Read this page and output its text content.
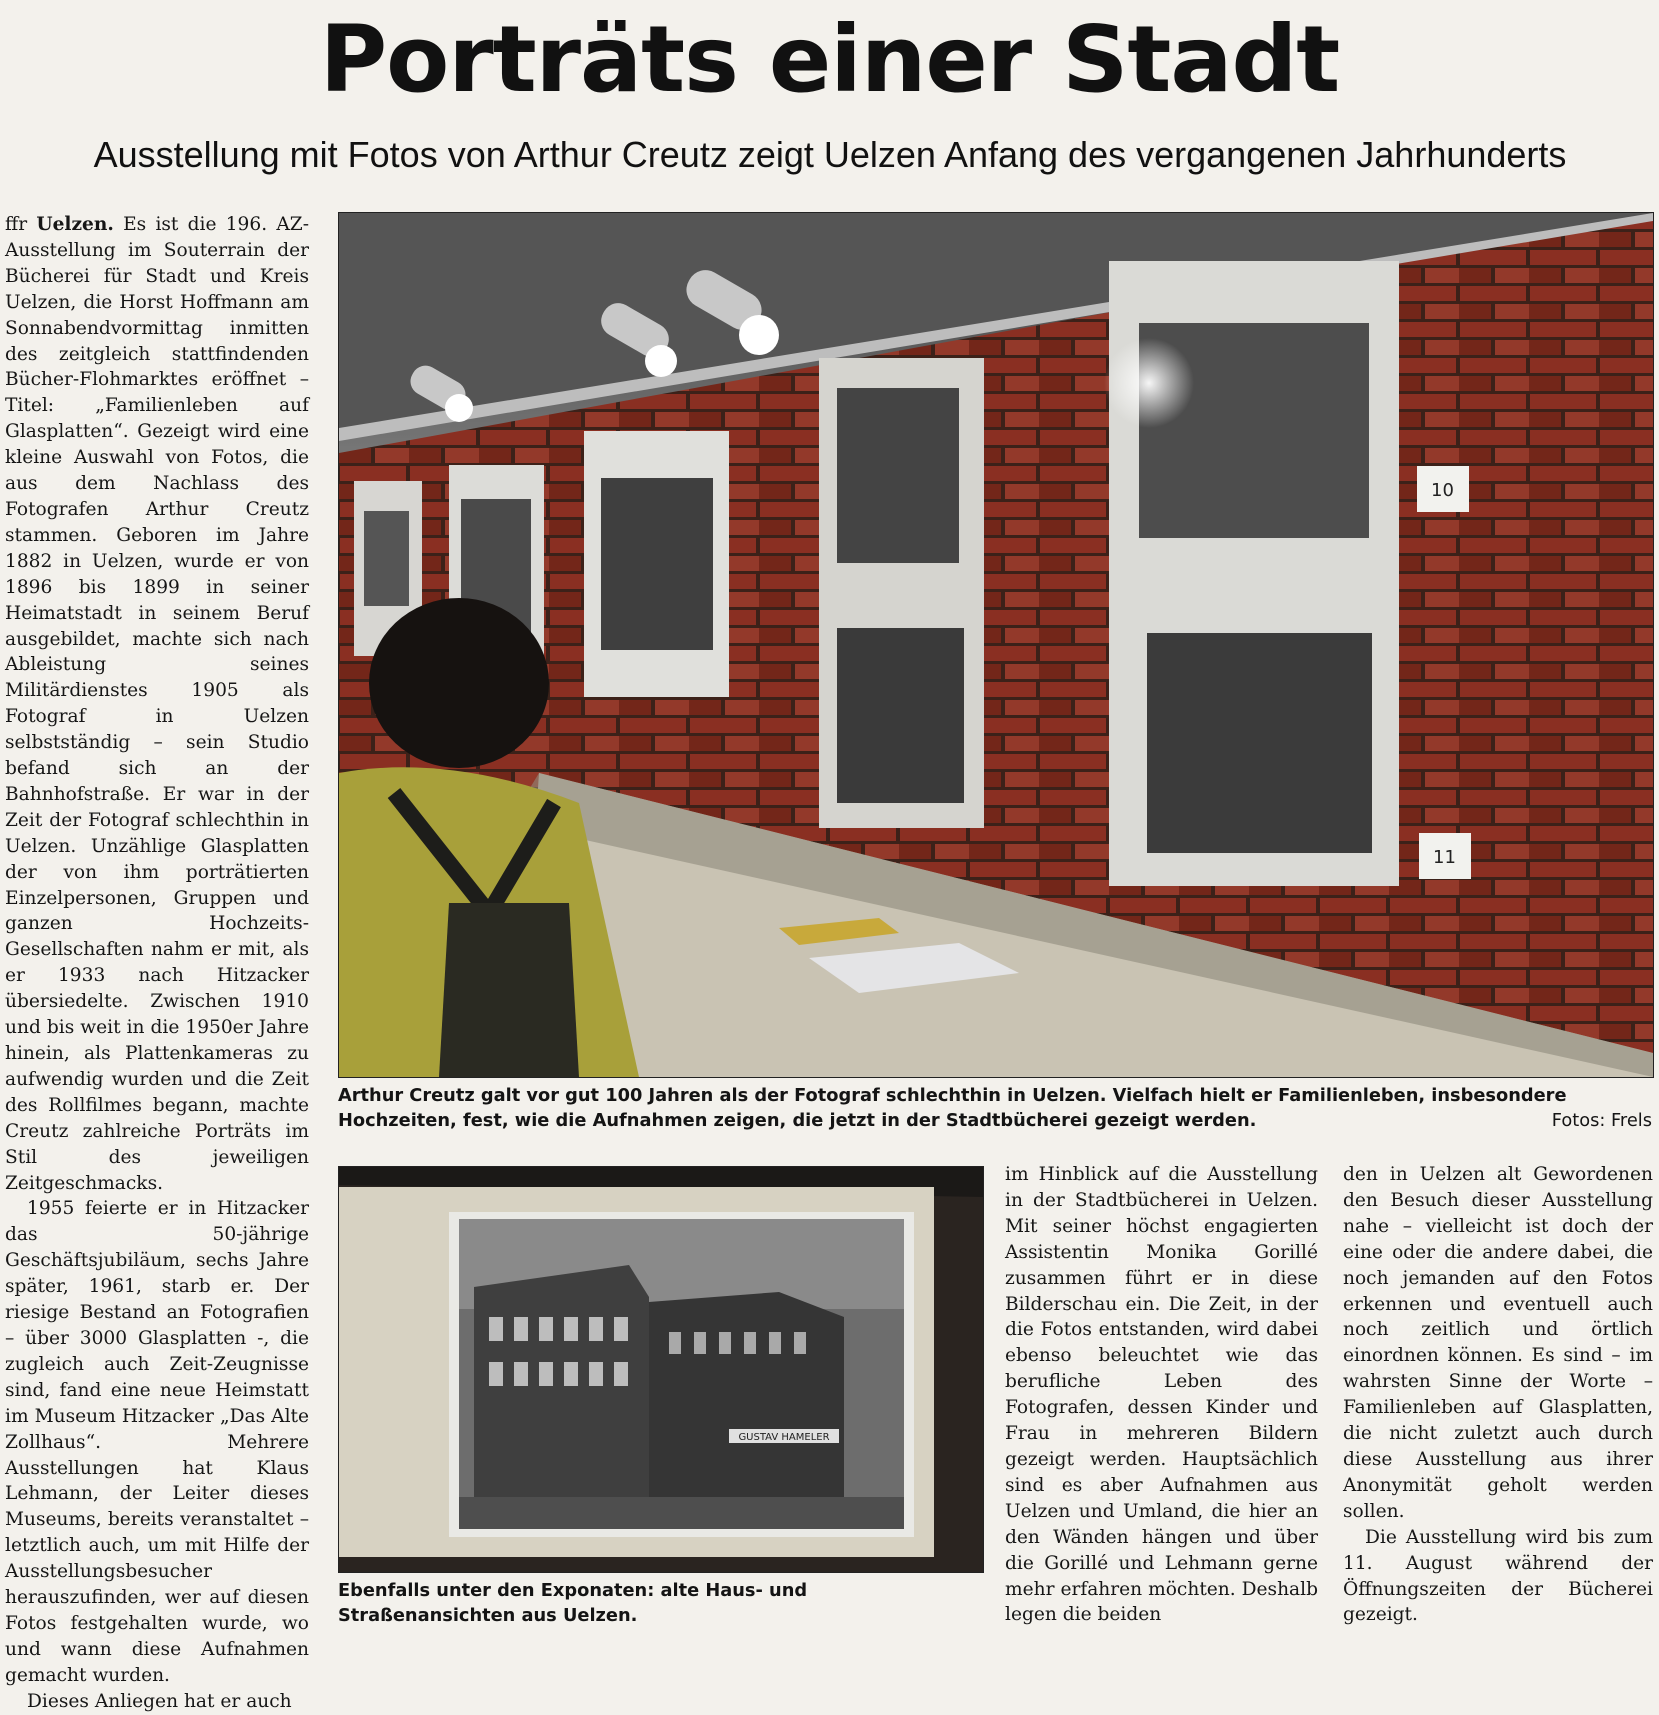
Porträts einer Stadt
Ausstellung mit Fotos von Arthur Creutz zeigt Uelzen Anfang des vergangenen Jahrhunderts

ffr Uelzen. Es ist die 196. AZ-Ausstellung im Souterrain der Bücherei für Stadt und Kreis Uelzen, die Horst Hoffmann am Sonnabendvormittag inmitten des zeitgleich stattfindenden Bücher-Flohmarktes eröffnet – Titel: „Familienleben auf Glasplatten“. Gezeigt wird eine kleine Auswahl von Fotos, die aus dem Nachlass des Fotografen Arthur Creutz stammen. Geboren im Jahre 1882 in Uelzen, wurde er von 1896 bis 1899 in seiner Heimatstadt in seinem Beruf ausgebildet, machte sich nach Ableistung seines Militärdienstes 1905 als Fotograf in Uelzen selbstständig – sein Studio befand sich an der Bahnhofstraße. Er war in der Zeit der Fotograf schlechthin in Uelzen. Unzählige Glasplatten der von ihm porträtierten Einzelpersonen, Gruppen und ganzen Hochzeits-Gesellschaften nahm er mit, als er 1933 nach Hitzacker übersiedelte. Zwischen 1910 und bis weit in die 1950er Jahre hinein, als Plattenkameras zu aufwendig wurden und die Zeit des Rollfilmes begann, machte Creutz zahlreiche Porträts im Stil des jeweiligen Zeitgeschmacks.

1955 feierte er in Hitzacker das 50-jährige Geschäftsjubiläum, sechs Jahre später, 1961, starb er. Der riesige Bestand an Fotografien – über 3000 Glasplatten -, die zugleich auch Zeit-Zeugnisse sind, fand eine neue Heimstatt im Museum Hitzacker „Das Alte Zollhaus“. Mehrere Ausstellungen hat Klaus Lehmann, der Leiter dieses Museums, bereits veranstaltet – letztlich auch, um mit Hilfe der Ausstellungsbesucher herauszufinden, wer auf diesen Fotos festgehalten wurde, wo und wann diese Aufnahmen gemacht wurden.

Dieses Anliegen hat er auch

10
11
Arthur Creutz galt vor gut 100 Jahren als der Fotograf schlechthin in Uelzen. Vielfach hielt er Familienleben, insbesondere Hochzeiten, fest, wie die Aufnahmen zeigen, die jetzt in der Stadtbücherei gezeigt werden.	Fotos: Frels
GUSTAV HAMELER
Ebenfalls unter den Exponaten: alte Haus- und Straßenansichten aus Uelzen.

im Hinblick auf die Ausstellung in der Stadtbücherei in Uelzen. Mit seiner höchst engagierten Assistentin Monika Gorillé zusammen führt er in diese Bilderschau ein. Die Zeit, in der die Fotos entstanden, wird dabei ebenso beleuchtet wie das berufliche Leben des Fotografen, dessen Kinder und Frau in mehreren Bildern gezeigt werden. Hauptsächlich sind es aber Aufnahmen aus Uelzen und Umland, die hier an den Wänden hängen und über die Gorillé und Lehmann gerne mehr erfahren möchten. Deshalb legen die beiden

den in Uelzen alt Gewordenen den Besuch dieser Ausstellung nahe – vielleicht ist doch der eine oder die andere dabei, die noch jemanden auf den Fotos erkennen und eventuell auch noch zeitlich und örtlich einordnen können. Es sind – im wahrsten Sinne der Worte – Familienleben auf Glasplatten, die nicht zuletzt auch durch diese Ausstellung aus ihrer Anonymität geholt werden sollen.

Die Ausstellung wird bis zum 11. August während der Öffnungszeiten der Bücherei gezeigt.
